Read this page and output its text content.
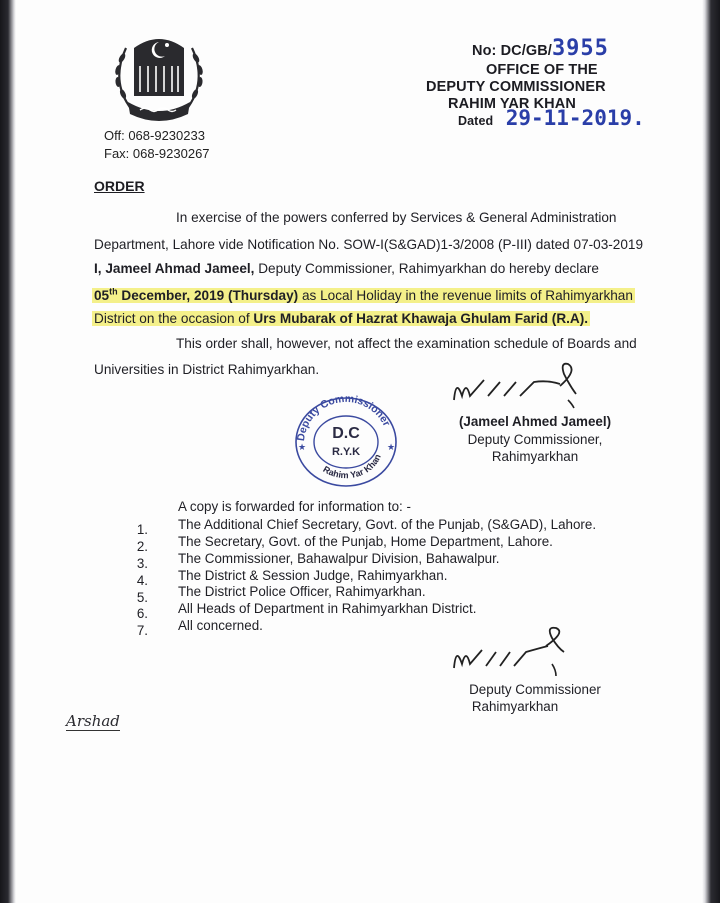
Off: 068-9230233
Fax: 068-9230267
No: DC/GB/3955
OFFICE OF THE
DEPUTY COMMISSIONER
RAHIM YAR KHAN
Dated 29-11-2019.
ORDER
In exercise of the powers conferred by Services & General Administration
Department, Lahore vide Notification No. SOW-I(S&GAD)1-3/2008 (P-III) dated 07-03-2019
I, Jameel Ahmad Jameel, Deputy Commissioner, Rahimyarkhan do hereby declare
05th December, 2019 (Thursday) as Local Holiday in the revenue limits of Rahimyarkhan
District on the occasion of Urs Mubarak of Hazrat Khawaja Ghulam Farid (R.A).
This order shall, however, not affect the examination schedule of Boards and
Universities in District Rahimyarkhan.
Deputy Commissioner
Rahim Yar Khan
D.C
R.Y.K
★	★
(Jameel Ahmed Jameel)
Deputy Commissioner,
Rahimyarkhan
A copy is forwarded for information to: -
1. The Additional Chief Secretary, Govt. of the Punjab, (S&GAD), Lahore.
2. The Secretary, Govt. of the Punjab, Home Department, Lahore.
3. The Commissioner, Bahawalpur Division, Bahawalpur.
4. The District & Session Judge, Rahimyarkhan.
5. The District Police Officer, Rahimyarkhan.
6. All Heads of Department in Rahimyarkhan District.
7. All concerned.
Deputy Commissioner
Rahimyarkhan
Arshad
